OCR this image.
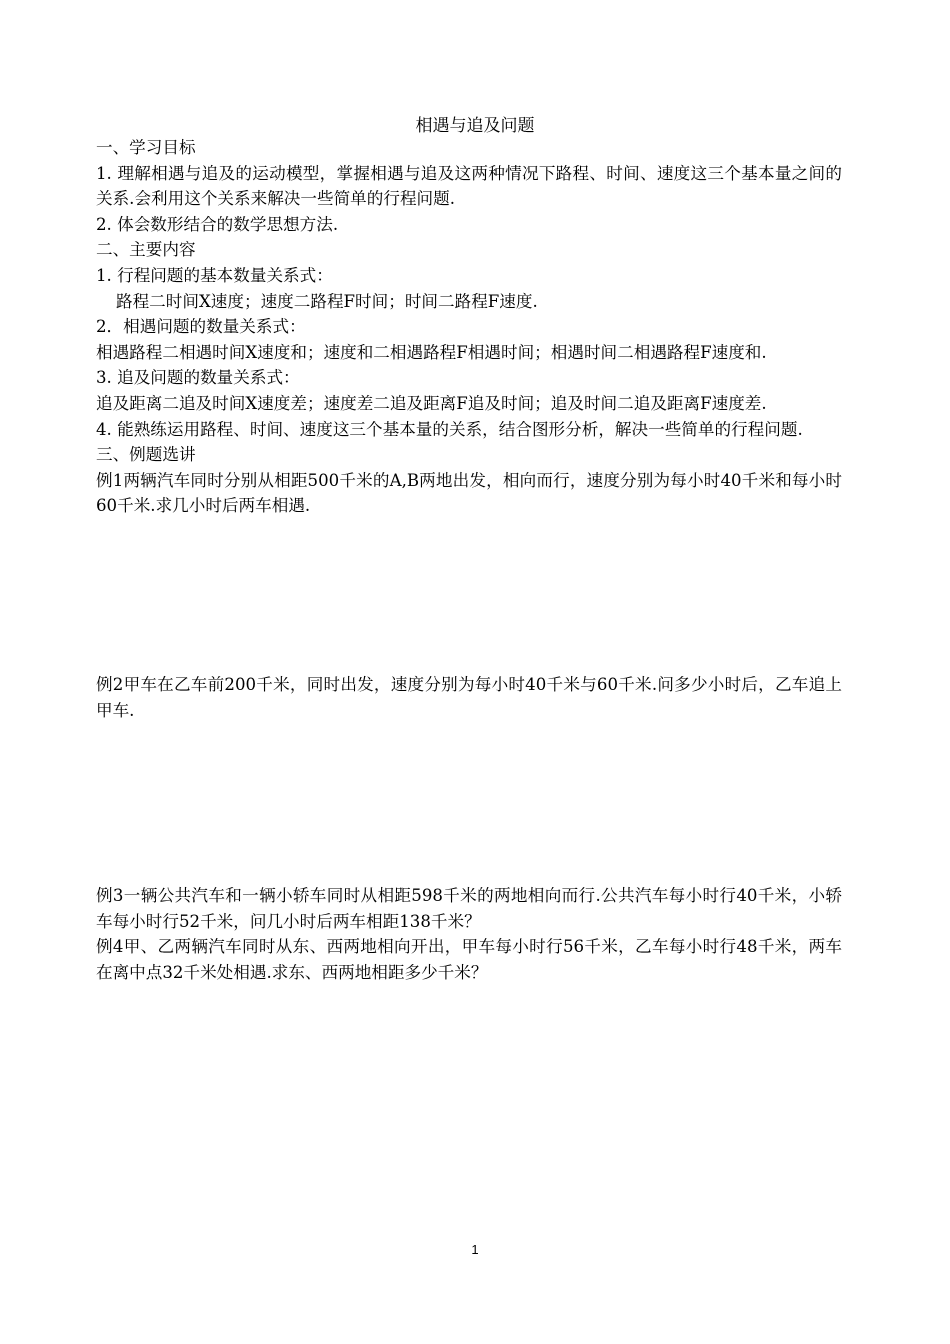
相遇与追及问题

一、学习目标

1. 理解相遇与追及的运动模型，掌握相遇与追及这两种情况下路程、时间、速度这三个基本量之间的关系.会利用这个关系来解决一些简单的行程问题.

2. 体会数形结合的数学思想方法.

二、主要内容

1. 行程问题的基本数量关系式：

路程二时间X速度；速度二路程F时间；时间二路程F速度.

2．相遇问题的数量关系式：

相遇路程二相遇时间X速度和；速度和二相遇路程F相遇时间；相遇时间二相遇路程F速度和.

3. 追及问题的数量关系式：

追及距离二追及时间X速度差；速度差二追及距离F追及时间；追及时间二追及距离F速度差.

4. 能熟练运用路程、时间、速度这三个基本量的关系，结合图形分析，解决一些简单的行程问题.

三、例题选讲

例1两辆汽车同时分别从相距500千米的A,B两地出发，相向而行，速度分别为每小时40千米和每小时60千米.求几小时后两车相遇.

例2甲车在乙车前200千米，同时出发，速度分别为每小时40千米与60千米.问多少小时后，乙车追上甲车.

例3一辆公共汽车和一辆小轿车同时从相距598千米的两地相向而行.公共汽车每小时行40千米，小轿车每小时行52千米，问几小时后两车相距138千米？

例4甲、乙两辆汽车同时从东、西两地相向开出，甲车每小时行56千米，乙车每小时行48千米，两车在离中点32千米处相遇.求东、西两地相距多少千米？

1
